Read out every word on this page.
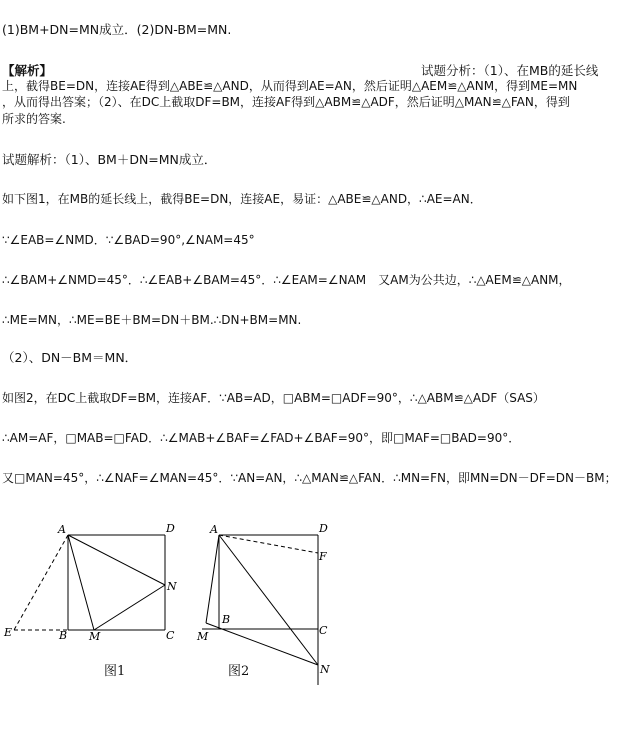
(1)BM+DN=MN成立．(2)DN-BM=MN.
【解析】	试题分析：（1）、在MB的延长线
上，截得BE=DN，连接AE得到△ABE≌△AND，从而得到AE=AN，然后证明△AEM≌△ANM，得到ME=MN
，从而得出答案；（2）、在DC上截取DF=BM，连接AF得到△ABM≌△ADF，然后证明△MAN≌△FAN，得到
所求的答案.
试题解析：（1）、BM＋DN=MN成立．
如下图1，在MB的延长线上，截得BE=DN，连接AE，易证：△ABE≌△AND，∴AE=AN．
∵∠EAB=∠NMD．∵∠BAD=90°,∠NAM=45°
∴∠BAM+∠NMD=45°．∴∠EAB+∠BAM=45°．∴∠EAM=∠NAM　又AM为公共边，∴△AEM≌△ANM，
∴ME=MN，∴ME=BE＋BM=DN＋BM.∴DN+BM=MN.
（2）、DN－BM＝MN．
如图2，在DC上截取DF=BM，连接AF．∵AB=AD，□ABM=□ADF=90°，∴△ABM≌△ADF（SAS）
∴AM=AF，□MAB=□FAD．∴∠MAB+∠BAF=∠FAD+∠BAF=90°，即□MAF=□BAD=90°．
又□MAN=45°，∴∠NAF=∠MAN=45°．∵AN=AN，∴△MAN≌△FAN．∴MN=FN，即MN=DN－DF=DN－BM；
A	D
N
E	B M	C
图1
A	D
F
B
C
M
N
图2
